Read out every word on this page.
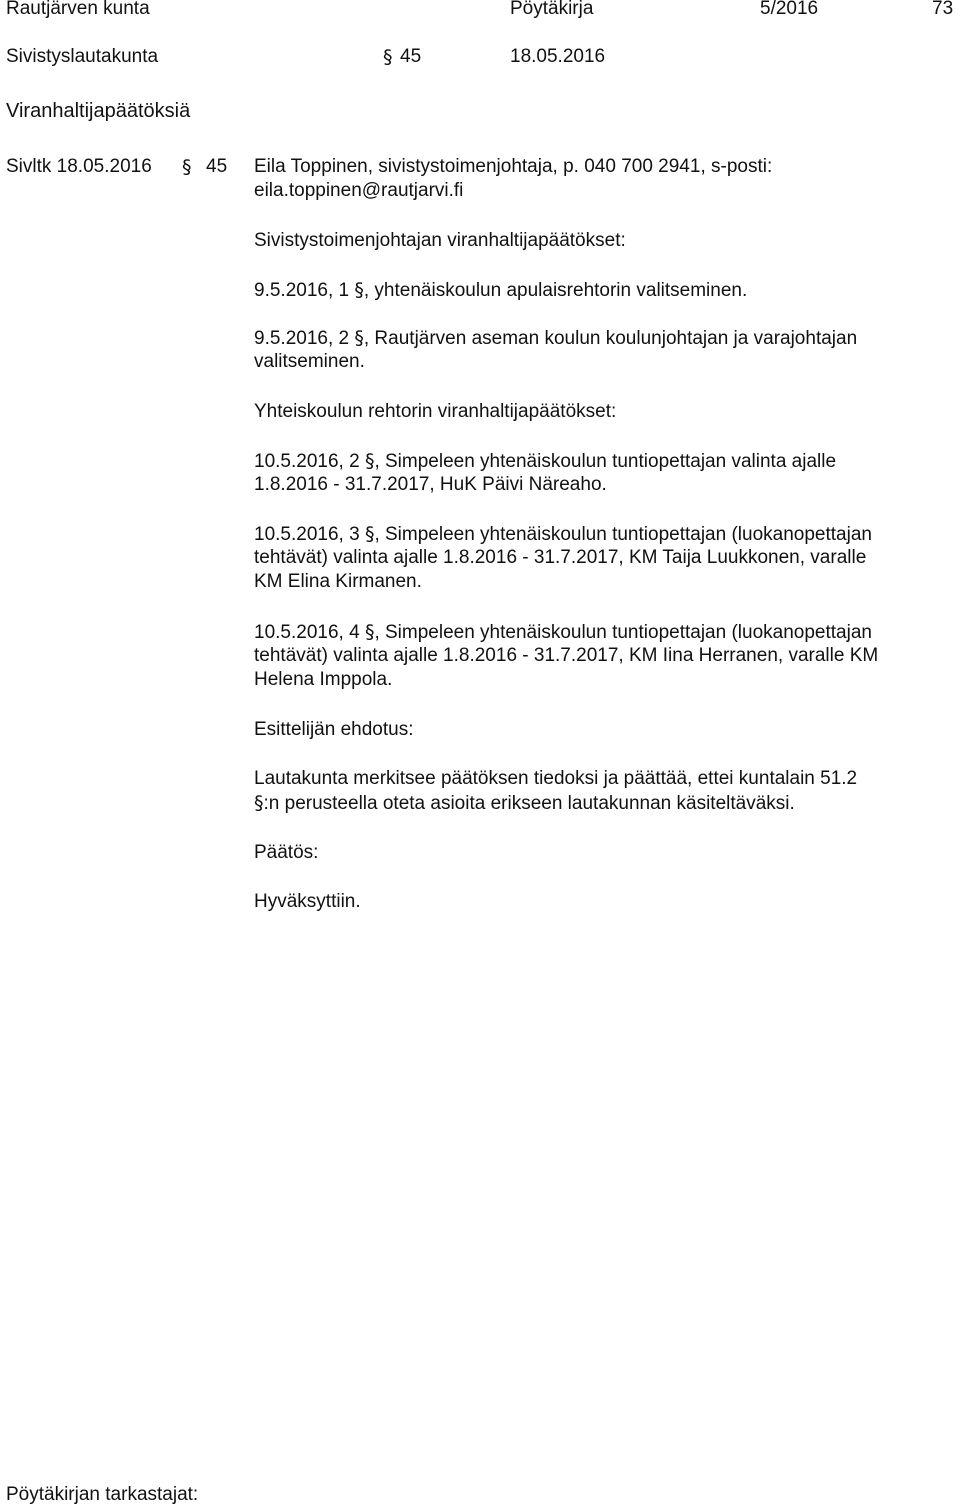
Rautjärven kunta	Pöytäkirja	5/2016	73
Sivistyslautakunta	§ 45	18.05.2016
Viranhaltijapäätöksiä
Sivltk 18.05.2016 § 45 Eila Toppinen, sivistystoimenjohtaja, p. 040 700 2941, s-posti:
eila.toppinen@rautjarvi.fi
Sivistystoimenjohtajan viranhaltijapäätökset:
9.5.2016, 1 §, yhtenäiskoulun apulaisrehtorin valitseminen.
9.5.2016, 2 §, Rautjärven aseman koulun koulunjohtajan ja varajohtajan
valitseminen.
Yhteiskoulun rehtorin viranhaltijapäätökset:
10.5.2016, 2 §, Simpeleen yhtenäiskoulun tuntiopettajan valinta ajalle
1.8.2016 - 31.7.2017, HuK Päivi Näreaho.
10.5.2016, 3 §, Simpeleen yhtenäiskoulun tuntiopettajan (luokanopettajan
tehtävät) valinta ajalle 1.8.2016 - 31.7.2017, KM Taija Luukkonen, varalle
KM Elina Kirmanen.
10.5.2016, 4 §, Simpeleen yhtenäiskoulun tuntiopettajan (luokanopettajan
tehtävät) valinta ajalle 1.8.2016 - 31.7.2017, KM Iina Herranen, varalle KM
Helena Imppola.
Esittelijän ehdotus:
Lautakunta merkitsee päätöksen tiedoksi ja päättää, ettei kuntalain 51.2
§:n perusteella oteta asioita erikseen lautakunnan käsiteltäväksi.
Päätös:
Hyväksyttiin.
Pöytäkirjan tarkastajat:
